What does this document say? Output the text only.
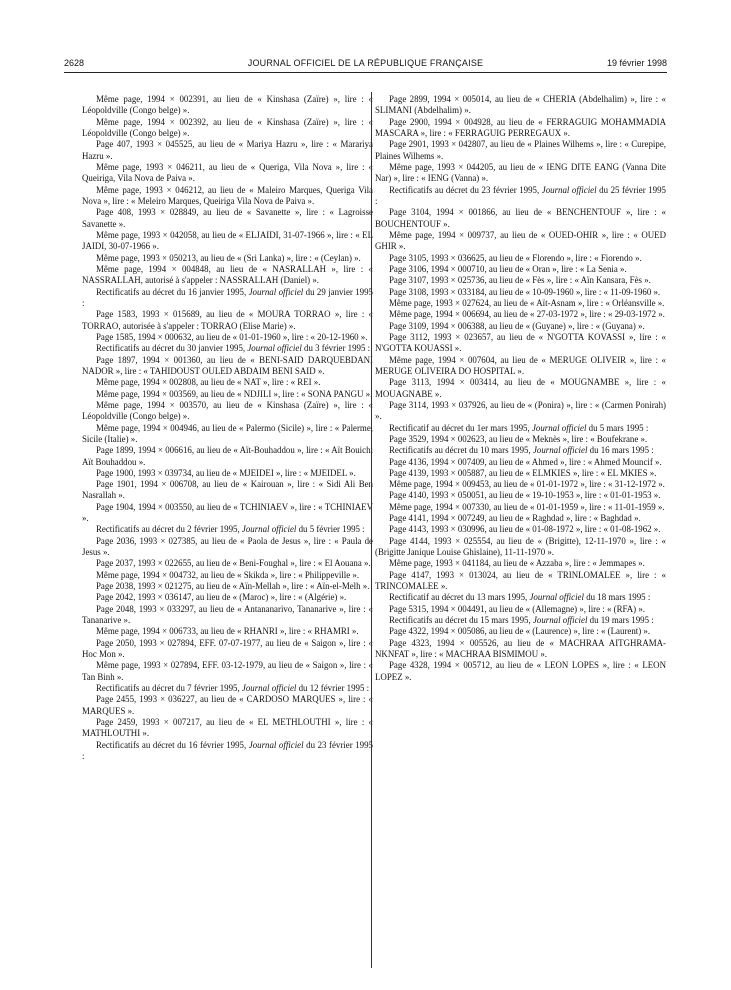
2628	JOURNAL OFFICIEL DE LA RÉPUBLIQUE FRANÇAISE	19 février 1998

Même page, 1994 × 002391, au lieu de « Kinshasa (Zaïre) », lire : « Léopoldville (Congo belge) ».

Même page, 1994 × 002392, au lieu de « Kinshasa (Zaïre) », lire : « Léopoldville (Congo belge) ».

Page 407, 1993 × 045525, au lieu de « Mariya Hazru », lire : « Marariya Hazru ».

Même page, 1993 × 046211, au lieu de « Queriga, Vila Nova », lire : « Queiriga, Vila Nova de Paiva ».

Même page, 1993 × 046212, au lieu de « Maleiro Marques, Queriga Vila Nova », lire : « Meleiro Marques, Queiriga Vila Nova de Paiva ».

Page 408, 1993 × 028849, au lieu de « Savanette », lire : « Lagroisse Savanette ».

Même page, 1993 × 042058, au lieu de « ELJAIDI, 31-07-1966 », lire : « EL JAIDI, 30-07-1966 ».

Même page, 1993 × 050213, au lieu de « (Sri Lanka) », lire : « (Ceylan) ».

Même page, 1994 × 004848, au lieu de « NASRALLAH », lire : « NASSRALLAH, autorisé à s'appeler : NASSRALLAH (Daniel) ».

Rectificatifs au décret du 16 janvier 1995, Journal officiel du 29 janvier 1995 :

Page 1583, 1993 × 015689, au lieu de « MOURA TORRAO », lire : « TORRAO, autorisée à s'appeler : TORRAO (Elise Marie) ».

Page 1585, 1994 × 000632, au lieu de « 01-01-1960 », lire : « 20-12-1960 ».

Rectificatifs au décret du 30 janvier 1995, Journal officiel du 3 février 1995 :

Page 1897, 1994 × 001360, au lieu de « BENI-SAID DARQUEBDANI NADOR », lire : « TAHIDOUST OULED ABDAIM BENI SAID ».

Même page, 1994 × 002808, au lieu de « NAT », lire : « REI ».

Même page, 1994 × 003569, au lieu de « NDJILI », lire : « SONA PANGU ».

Même page, 1994 × 003570, au lieu de « Kinshasa (Zaïre) », lire : « Léopoldville (Congo belge) ».

Même page, 1994 × 004946, au lieu de « Palermo (Sicile) », lire : « Palerme, Sicile (Italie) ».

Page 1899, 1994 × 006616, au lieu de « Aït-Bouhaddou », lire : « Aït Bouichi Aït Bouhaddou ».

Page 1900, 1993 × 039734, au lieu de « MJEIDEI », lire : « MJEIDEL ».

Page 1901, 1994 × 006708, au lieu de « Kairouan », lire : « Sidi Ali Ben Nasrallah ».

Page 1904, 1994 × 003550, au lieu de « TCHINIAEV », lire : « TCHINIAEV ».

Rectificatifs au décret du 2 février 1995, Journal officiel du 5 février 1995 :

Page 2036, 1993 × 027385, au lieu de « Paola de Jesus », lire : « Paula de Jesus ».

Page 2037, 1993 × 022655, au lieu de « Beni-Foughal », lire : « El Aouana ».

Même page, 1994 × 004732, au lieu de « Skikda », lire : « Philippeville ».

Page 2038, 1993 × 021275, au lieu de « Aïn-Mellah », lire : « Aïn-el-Melh ».

Page 2042, 1993 × 036147, au lieu de « (Maroc) », lire : « (Algérie) ».

Page 2048, 1993 × 033297, au lieu de « Antananarivo, Tananarive », lire : « Tananarive ».

Même page, 1994 × 006733, au lieu de « RHANRI », lire : « RHAMRI ».

Page 2050, 1993 × 027894, EFF. 07-07-1977, au lieu de « Saigon », lire : « Hoc Mon ».

Même page, 1993 × 027894, EFF. 03-12-1979, au lieu de « Saigon », lire : « Tan Binh ».

Rectificatifs au décret du 7 février 1995, Journal officiel du 12 février 1995 :

Page 2455, 1993 × 036227, au lieu de « CARDOSO MARQUES », lire : « MARQUES ».

Page 2459, 1993 × 007217, au lieu de « EL METHLOUTHI », lire : « MATHLOUTHI ».

Rectificatifs au décret du 16 février 1995, Journal officiel du 23 février 1995 :

Page 2899, 1994 × 005014, au lieu de « CHERIA (Abdelhalim) », lire : « SLIMANI (Abdelhalim) ».

Page 2900, 1994 × 004928, au lieu de « FERRAGUIG MOHAMMADIA MASCARA », lire : « FERRAGUIG PERREGAUX ».

Page 2901, 1993 × 042807, au lieu de « Plaines Wilhems », lire : « Curepipe, Plaines Wilhems ».

Même page, 1993 × 044205, au lieu de « IENG DITE EANG (Vanna Dite Nar) », lire : « IENG (Vanna) ».

Rectificatifs au décret du 23 février 1995, Journal officiel du 25 février 1995 :

Page 3104, 1994 × 001866, au lieu de « BENCHENTOUF », lire : « BOUCHENTOUF ».

Même page, 1994 × 009737, au lieu de « OUED-OHIR », lire : « OUED GHIR ».

Page 3105, 1993 × 036625, au lieu de « Florendo », lire : « Fiorendo ».

Page 3106, 1994 × 000710, au lieu de « Oran », lire : « La Senia ».

Page 3107, 1993 × 025736, au lieu de « Fès », lire : « Aïn Kansara, Fès ».

Page 3108, 1993 × 033184, au lieu de « 10-09-1960 », lire : « 11-09-1960 ».

Même page, 1993 × 027624, au lieu de « Aït-Asnam », lire : « Orléansville ».

Même page, 1994 × 006694, au lieu de « 27-03-1972 », lire : « 29-03-1972 ».

Page 3109, 1994 × 006388, au lieu de « (Guyane) », lire : « (Guyana) ».

Page 3112, 1993 × 023657, au lieu de « N'GOTTA KOVASSI », lire : « N'GOTTA KOUASSI ».

Même page, 1994 × 007604, au lieu de « MERUGE OLIVEIR », lire : « MERUGE OLIVEIRA DO HOSPITAL ».

Page 3113, 1994 × 003414, au lieu de « MOUGNAMBE », lire : « MOUAGNABE ».

Page 3114, 1993 × 037926, au lieu de « (Ponira) », lire : « (Carmen Ponirah) ».

Rectificatif au décret du 1er mars 1995, Journal officiel du 5 mars 1995 :

Page 3529, 1994 × 002623, au lieu de « Meknès », lire : « Boufekrane ».

Rectificatifs au décret du 10 mars 1995, Journal officiel du 16 mars 1995 :

Page 4136, 1994 × 007409, au lieu de « Ahmed », lire : « Ahmed Mouncif ».

Page 4139, 1993 × 005887, au lieu de « ELMKIES », lire : « EL MKIES ».

Même page, 1994 × 009453, au lieu de « 01-01-1972 », lire : « 31-12-1972 ».

Page 4140, 1993 × 050051, au lieu de « 19-10-1953 », lire : « 01-01-1953 ».

Même page, 1994 × 007330, au lieu de « 01-01-1959 », lire : « 11-01-1959 ».

Page 4141, 1994 × 007249, au lieu de « Raghdad », lire : « Baghdad ».

Page 4143, 1993 × 030996, au lieu de « 01-08-1972 », lire : « 01-08-1962 ».

Page 4144, 1993 × 025554, au lieu de « (Brigitte), 12-11-1970 », lire : « (Brigitte Janique Louise Ghislaine), 11-11-1970 ».

Même page, 1993 × 041184, au lieu de « Azzaba », lire : « Jemmapes ».

Page 4147, 1993 × 013024, au lieu de « TRINLOMALEE », lire : « TRINCOMALEE ».

Rectificatif au décret du 13 mars 1995, Journal officiel du 18 mars 1995 :

Page 5315, 1994 × 004491, au lieu de « (Allemagne) », lire : « (RFA) ».

Rectificatifs au décret du 15 mars 1995, Journal officiel du 19 mars 1995 :

Page 4322, 1994 × 005086, au lieu de « (Laurence) », lire : « (Laurent) ».

Page 4323, 1994 × 005526, au lieu de « MACHRAA AITGHRAMA-NKNFAT », lire : « MACHRAA BISMIMOU ».

Page 4328, 1994 × 005712, au lieu de « LEON LOPES », lire : « LEON LOPEZ ».
